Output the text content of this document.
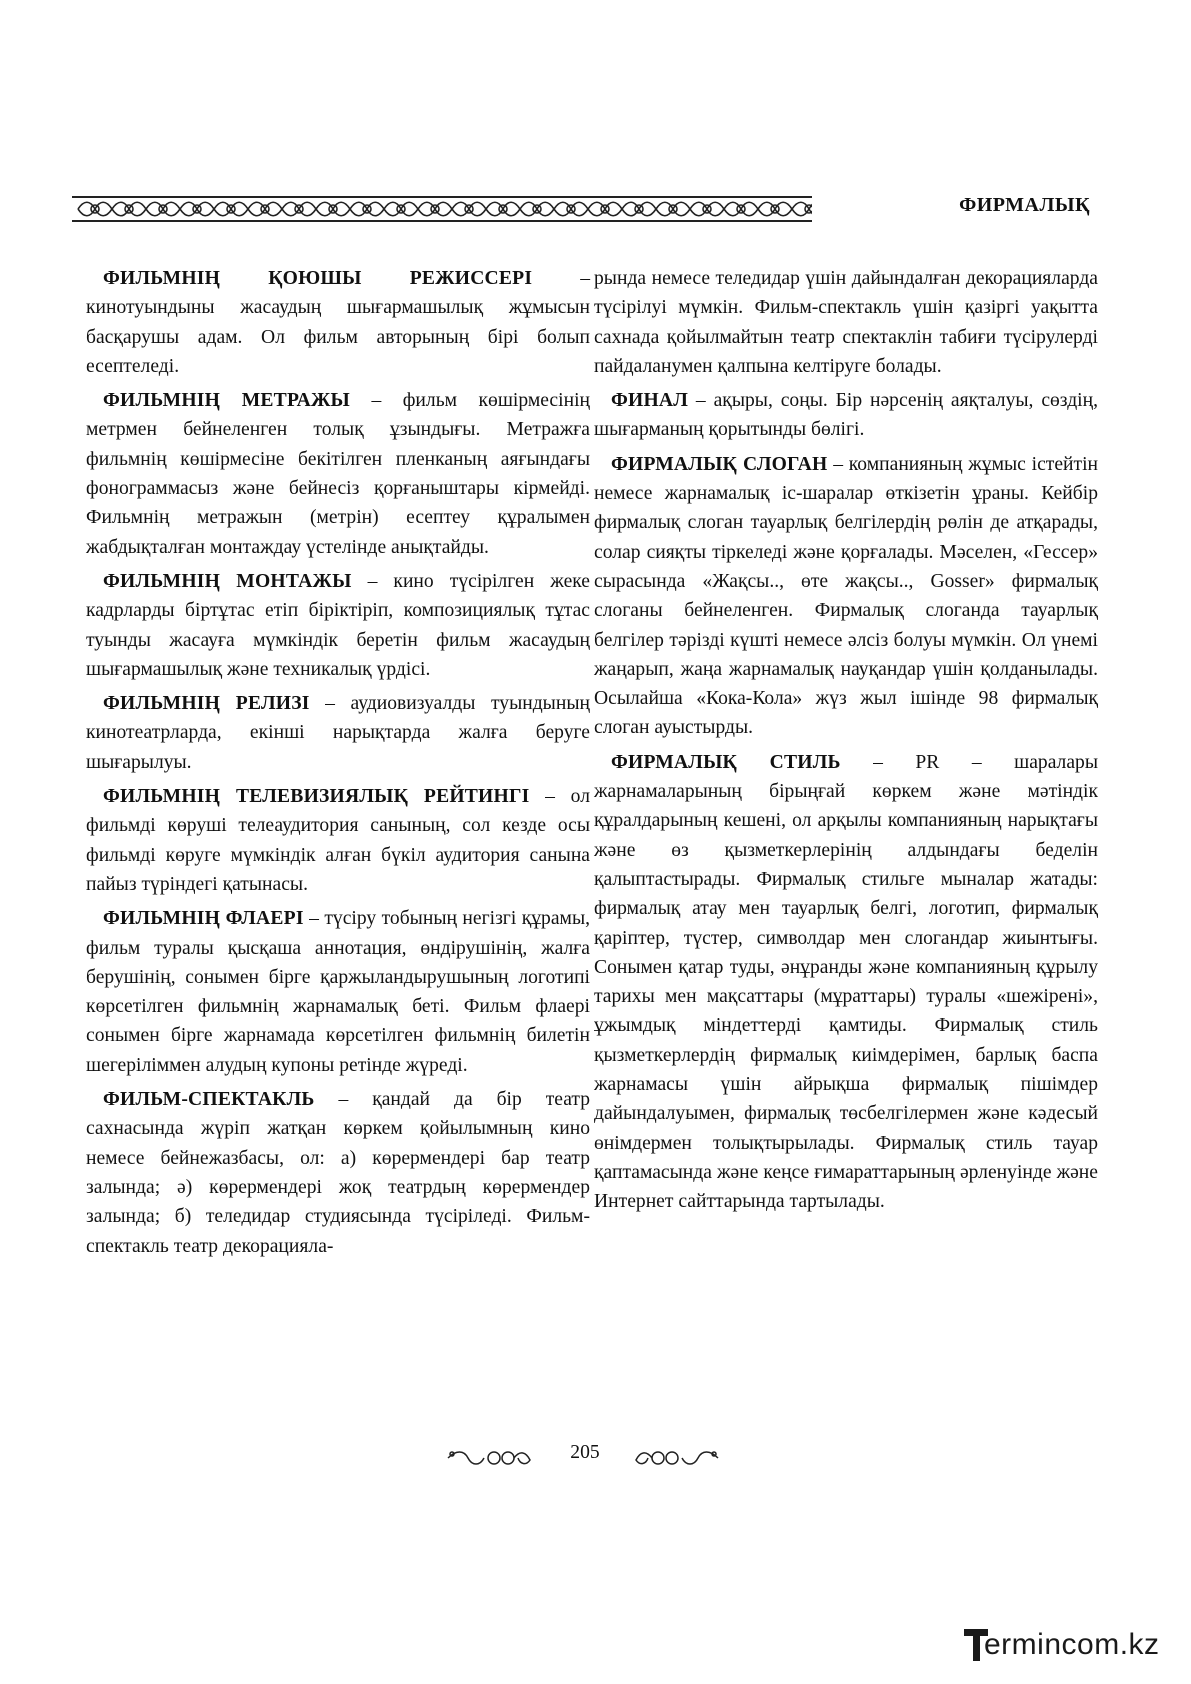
ФИРМАЛЫҚ

ФИЛЬМНІҢ ҚОЮШЫ РЕЖИССЕРІ – кинотуындыны жасаудың шығармашылық жұмысын басқарушы адам. Ол фильм авторының бірі болып есептеледі.

ФИЛЬМНІҢ МЕТРАЖЫ – фильм көшірмесінің метрмен бейнеленген толық ұзындығы. Метражға фильмнің көшірмесіне бекітілген пленканың аяғындағы фонограммасыз және бейнесіз қорғаныштары кірмейді. Фильмнің метражын (метрін) есептеу құралымен жабдықталған монтаждау үстелінде анықтайды.

ФИЛЬМНІҢ МОНТАЖЫ – кино түсірілген жеке кадрларды біртұтас етіп біріктіріп, композициялық тұтас туынды жасауға мүмкіндік беретін фильм жасаудың шығармашылық және техникалық үрдісі.

ФИЛЬМНІҢ РЕЛИЗІ – аудиовизуалды туындының кинотеатрларда, екінші нарықтарда жалға беруге шығарылуы.

ФИЛЬМНІҢ ТЕЛЕВИЗИЯЛЫҚ РЕЙТИНГІ – ол фильмді көруші телеаудитория санының, сол кезде осы фильмді көруге мүмкіндік алған бүкіл аудитория санына пайыз түріндегі қатынасы.

ФИЛЬМНІҢ ФЛАЕРІ – түсіру тобының негізгі құрамы, фильм туралы қысқаша аннотация, өндірушінің, жалға берушінің, сонымен бірге қаржыландырушының логотипі көрсетілген фильмнің жарнамалық беті. Фильм флаері сонымен бірге жарнамада көрсетілген фильмнің билетін шегеріліммен алудың купоны ретінде жүреді.

ФИЛЬМ-СПЕКТАКЛЬ – қандай да бір театр сахнасында жүріп жатқан көркем қойылымның кино немесе бейнежазбасы, ол: а) көрермендері бар театр залында; ә) көрермендері жоқ театрдың көрермендер залында; б) теледидар студиясында түсіріледі. Фильм-спектакль театр декорацияла-

рында немесе теледидар үшін дайындалған декорацияларда түсірілуі мүмкін. Фильм-спектакль үшін қазіргі уақытта сахнада қойылмайтын театр спектаклін табиғи түсірулерді пайдаланумен қалпына келтіруге болады.

ФИНАЛ – ақыры, соңы. Бір нәрсенің аяқталуы, сөздің, шығарманың қорытынды бөлігі.

ФИРМАЛЫҚ СЛОГАН – компанияның жұмыс істейтін немесе жарнамалық іс-шаралар өткізетін ұраны. Кейбір фирмалық слоган тауарлық белгілердің рөлін де атқарады, солар сияқты тіркеледі және қорғалады. Мәселен, «Гессер» сырасында «Жақсы.., өте жақсы.., Gosser» фирмалық слоганы бейнеленген. Фирмалық слоганда тауарлық белгілер тәрізді күшті немесе әлсіз болуы мүмкін. Ол үнемі жаңарып, жаңа жарнамалық науқандар үшін қолданылады. Осылайша «Кока-Кола» жүз жыл ішінде 98 фирмалық слоган ауыстырды.

ФИРМАЛЫҚ СТИЛЬ – PR – шаралары жарнамаларының бірыңғай көркем және мәтіндік құралдарының кешені, ол арқылы компанияның нарықтағы және өз қызметкерлерінің алдындағы беделін қалыптастырады. Фирмалық стильге мыналар жатады: фирмалық атау мен тауарлық белгі, логотип, фирмалық қаріптер, түстер, символдар мен слогандар жиынтығы. Сонымен қатар туды, әнұранды және компанияның құрылу тарихы мен мақсаттары (мұраттары) туралы «шежірені», ұжымдық міндеттерді қамтиды. Фирмалық стиль қызметкерлердің фирмалық киімдерімен, барлық баспа жарнамасы үшін айрықша фирмалық пішімдер дайындалуымен, фирмалық төсбелгілермен және кәдесый өнімдермен толықтырылады. Фирмалық стиль тауар қаптамасында және кеңсе ғимараттарының әрленуінде және Интернет сайттарында тартылады.

205
ermincom.kz
